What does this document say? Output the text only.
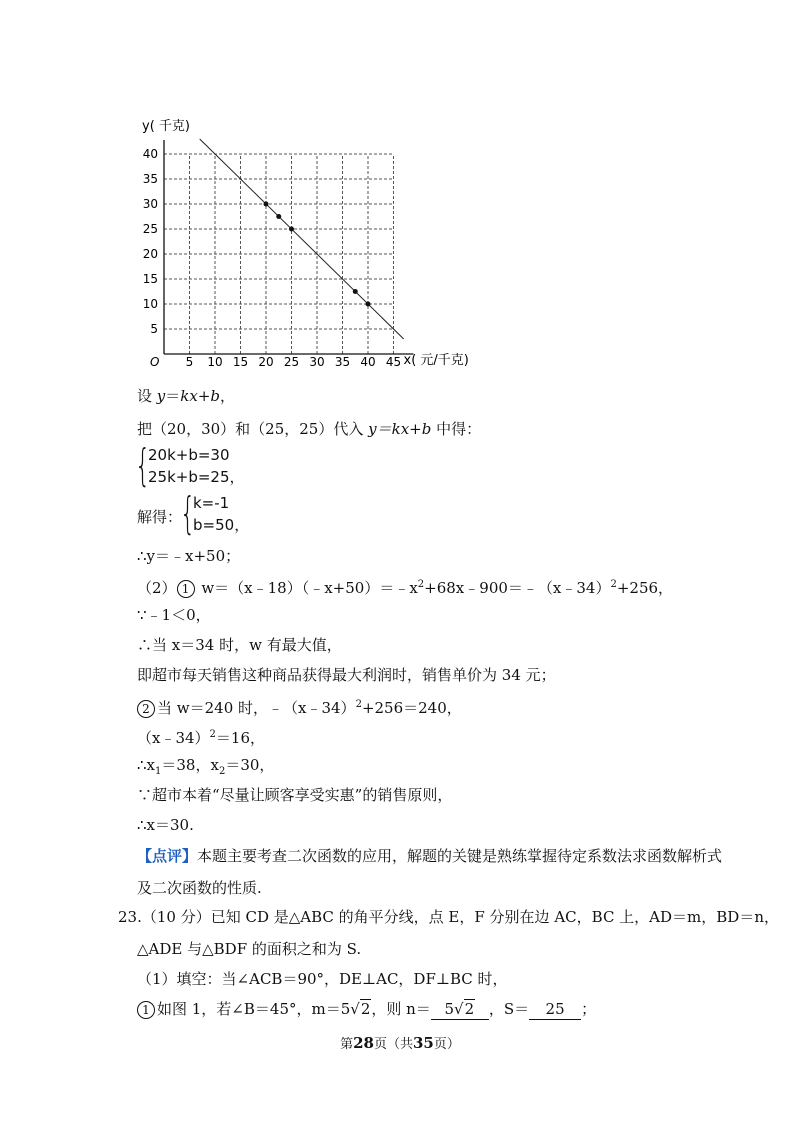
5 10 15 20 25 30 35 40 45
5
10
15
20
25
30
35
40
y( 千克)
x( 元/千克)
O
设 y＝kx+b，
把（20，30）和（25，25）代入 y＝kx+b 中得：
{
20k+b=30
25k+b=25，
解得：
{
k=-1
b=50，
∴y＝﹣x+50；
（2） 1 $w=(x﹣18)(﹣x+50)=﹣x^2+68x﹣900=﹣(x﹣34)^2+256$，
∵﹣1＜0，
∴当 x＝34 时，w 有最大值，
即超市每天销售这种商品获得最大利润时，销售单价为 34 元；
2 当 w＝240 时，﹣（x﹣34）$^2$+256＝240，
（x﹣34）$^2$＝16，
$\therefore x_1=38$，$x_2=30$，
∵超市本着“尽量让顾客享受实惠”的销售原则，
∴x＝30.
【点评】本题主要考查二次函数的应用，解题的关键是熟练掌握待定系数法求函数解析式
及二次函数的性质.
23.（10 分）已知 CD 是△ABC 的角平分线，点 E，F 分别在边 AC，BC 上，AD＝m，BD＝n，
△ADE 与△BDF 的面积之和为 S.
（1）填空：当∠ACB＝90°，DE⊥AC，DF⊥BC 时，
1 如图 1，若∠B＝45°，m＝5√2，则 n＝ 5√2 ，S＝ 25 ；
第28页（共35页）
